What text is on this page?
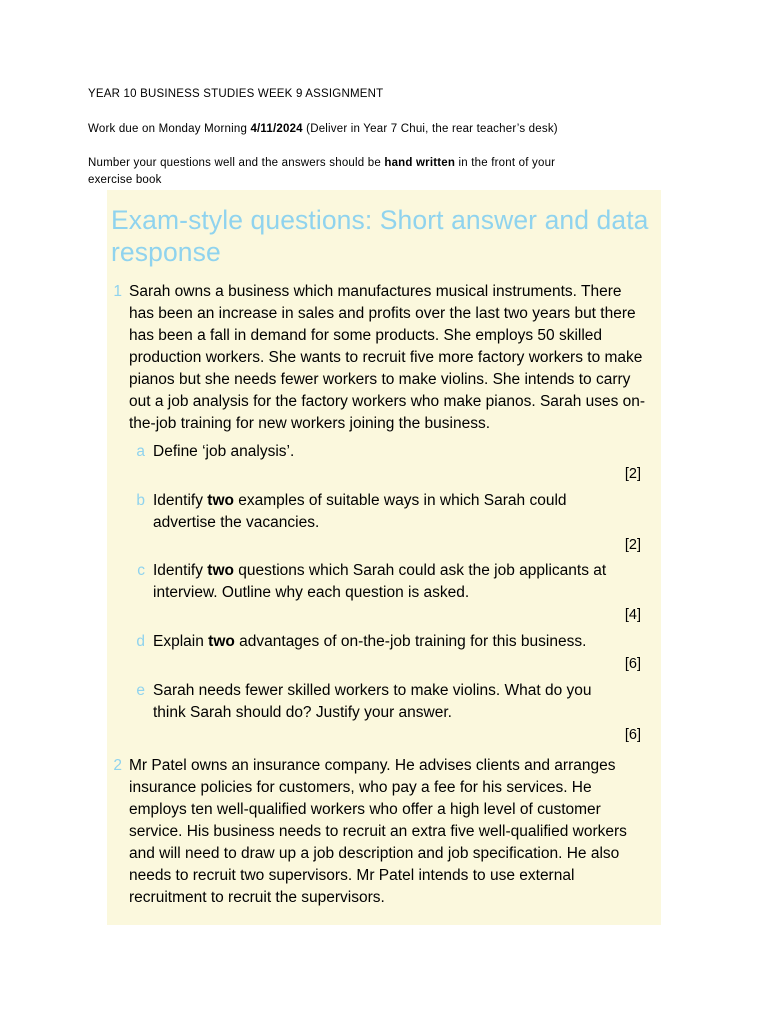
YEAR 10 BUSINESS STUDIES WEEK 9 ASSIGNMENT

Work due on Monday Morning 4/11/2024 (Deliver in Year 7 Chui, the rear teacher’s desk)

Number your questions well and the answers should be hand written in the front of your

exercise book

Exam-style questions: Short answer and data response
1 Sarah owns a business which manufactures musical instruments. There has been an increase in sales and profits over the last two years but there has been a fall in demand for some products. She employs 50 skilled production workers. She wants to recruit five more factory workers to make pianos but she needs fewer workers to make violins. She intends to carry out a job analysis for the factory workers who make pianos. Sarah uses on-the-job training for new workers joining the business.
a Define ‘job analysis’.
[2]
b Identify two examples of suitable ways in which Sarah could advertise the vacancies.
[2]
c Identify two questions which Sarah could ask the job applicants at interview. Outline why each question is asked.
[4]
d Explain two advantages of on-the-job training for this business.
[6]
e Sarah needs fewer skilled workers to make violins. What do you think Sarah should do? Justify your answer.
[6]
2 Mr Patel owns an insurance company. He advises clients and arranges insurance policies for customers, who pay a fee for his services. He employs ten well-qualified workers who offer a high level of customer service. His business needs to recruit an extra five well-qualified workers and will need to draw up a job description and job specification. He also needs to recruit two supervisors. Mr Patel intends to use external recruitment to recruit the supervisors.
